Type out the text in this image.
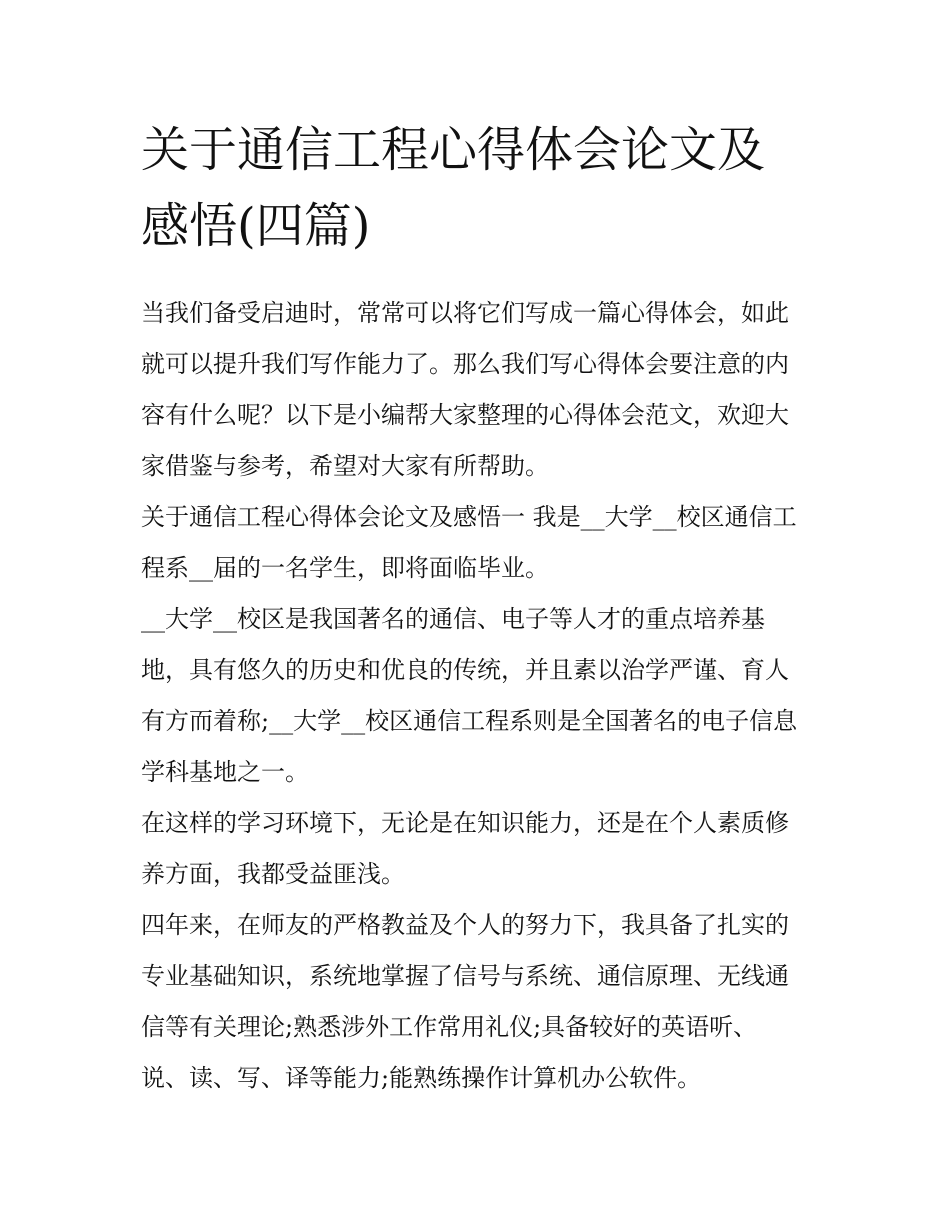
关于通信工程心得体会论文及
感悟(四篇)
当我们备受启迪时，常常可以将它们写成一篇心得体会，如此
就可以提升我们写作能力了。那么我们写心得体会要注意的内
容有什么呢？以下是小编帮大家整理的心得体会范文，欢迎大
家借鉴与参考，希望对大家有所帮助。
关于通信工程心得体会论文及感悟一 我是__大学__校区通信工
程系__届的一名学生，即将面临毕业。
__大学__校区是我国著名的通信、电子等人才的重点培养基
地，具有悠久的历史和优良的传统，并且素以治学严谨、育人
有方而着称;__大学__校区通信工程系则是全国著名的电子信息
学科基地之一。
在这样的学习环境下，无论是在知识能力，还是在个人素质修
养方面，我都受益匪浅。
四年来，在师友的严格教益及个人的努力下，我具备了扎实的
专业基础知识，系统地掌握了信号与系统、通信原理、无线通
信等有关理论;熟悉涉外工作常用礼仪;具备较好的英语听、
说、读、写、译等能力;能熟练操作计算机办公软件。
